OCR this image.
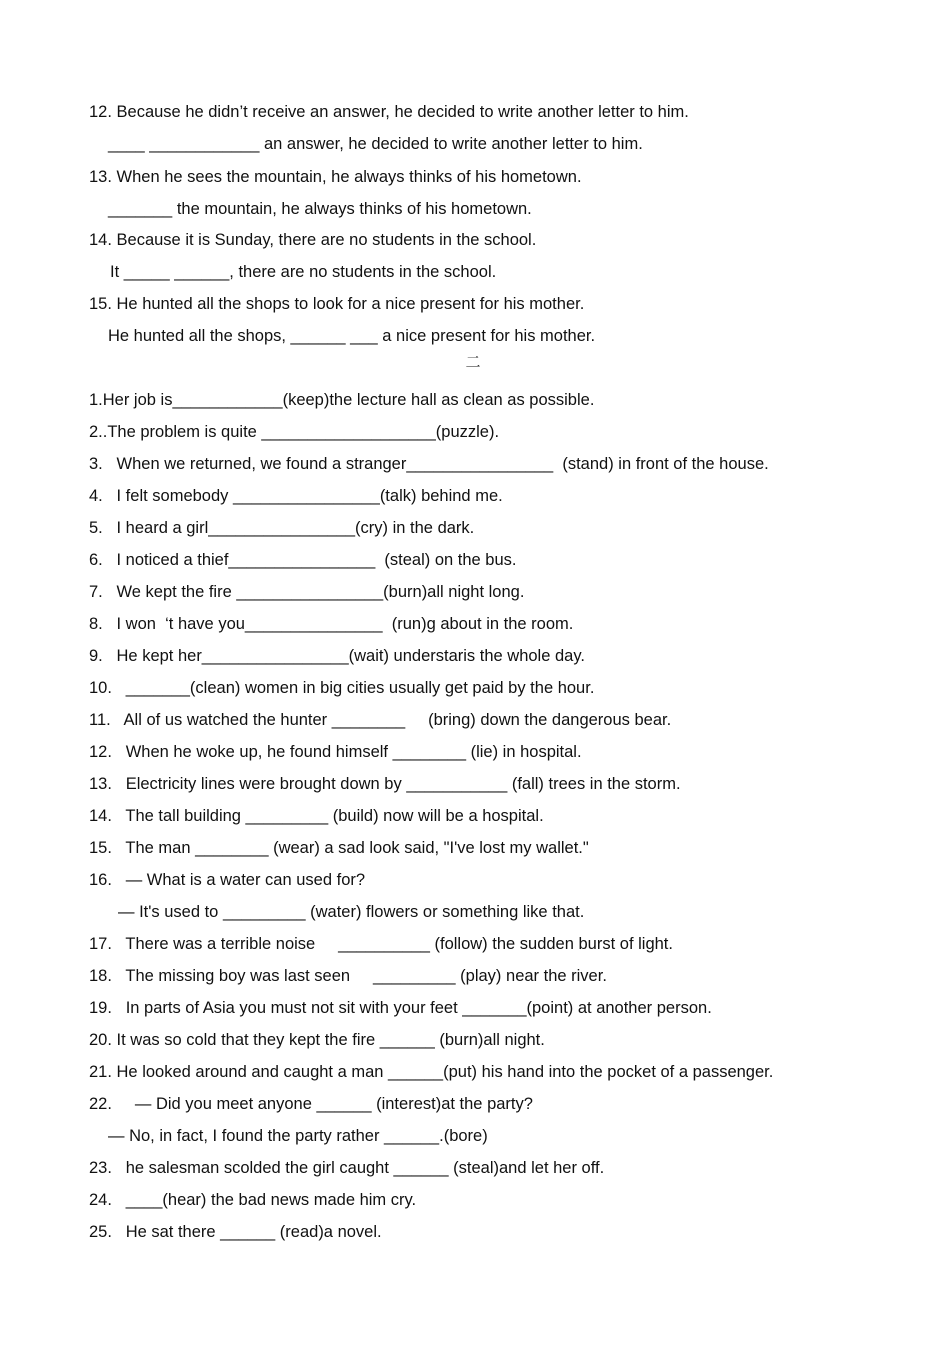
12. Because he didn’t receive an answer, he decided to write another letter to him.

____ ____________ an answer, he decided to write another letter to him.

13. When he sees the mountain, he always thinks of his hometown.

_______ the mountain, he always thinks of his hometown.

14. Because it is Sunday, there are no students in the school.

It _____ ______, there are no students in the school.

15. He hunted all the shops to look for a nice present for his mother.

He hunted all the shops, ______ ___ a nice present for his mother.

二

1.Her job is____________(keep)the lecture hall as clean as possible.

2..The problem is quite ___________________(puzzle).

3.   When we returned, we found a stranger________________  (stand) in front of the house.

4.   I felt somebody ________________(talk) behind me.

5.   I heard a girl________________(cry) in the dark.

6.   I noticed a thief________________  (steal) on the bus.

7.   We kept the fire ________________(burn)all night long.

8.   I won  ‘t have you_______________  (run)g about in the room.

9.   He kept her________________(wait) understaris the whole day.

10.   _______(clean) women in big cities usually get paid by the hour.

11.   All of us watched the hunter ________     (bring) down the dangerous bear.

12.   When he woke up, he found himself ________ (lie) in hospital.

13.   Electricity lines were brought down by ___________ (fall) trees in the storm.

14.   The tall building _________ (build) now will be a hospital.

15.   The man ________ (wear) a sad look said, "I've lost my wallet."

16.   — What is a water can used for?

— It's used to _________ (water) flowers or something like that.

17.   There was a terrible noise     __________ (follow) the sudden burst of light.

18.   The missing boy was last seen     _________ (play) near the river.

19.   In parts of Asia you must not sit with your feet _______(point) at another person.

20. It was so cold that they kept the fire ______ (burn)all night.

21. He looked around and caught a man ______(put) his hand into the pocket of a passenger.

22.     — Did you meet anyone ______ (interest)at the party?

— No, in fact, I found the party rather ______.(bore)

23.   he salesman scolded the girl caught ______ (steal)and let her off.

24.   ____(hear) the bad news made him cry.

25.   He sat there ______ (read)a novel.
